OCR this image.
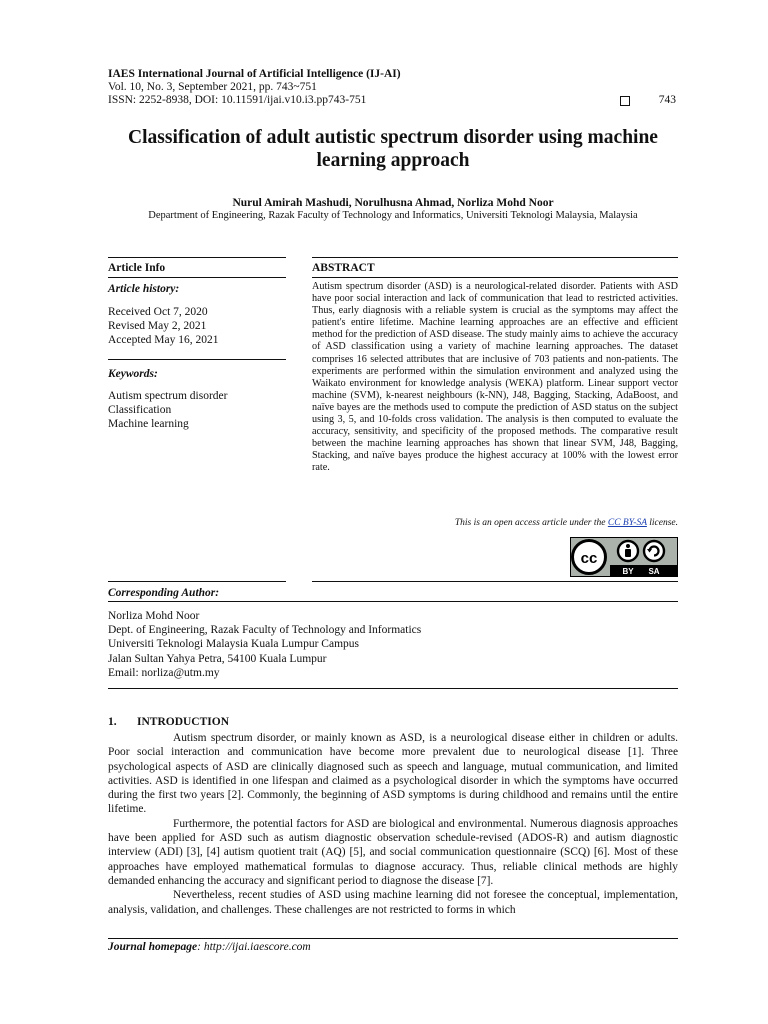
IAES International Journal of Artificial Intelligence (IJ-AI)
Vol. 10, No. 3, September 2021, pp. 743~751
ISSN: 2252-8938, DOI: 10.11591/ijai.v10.i3.pp743-751	743
Classification of adult autistic spectrum disorder using machine learning approach
Nurul Amirah Mashudi, Norulhusna Ahmad, Norliza Mohd Noor
Department of Engineering, Razak Faculty of Technology and Informatics, Universiti Teknologi Malaysia, Malaysia
Article Info
Article history:
Received Oct 7, 2020
Revised May 2, 2021
Accepted May 16, 2021
Keywords:
Autism spectrum disorder
Classification
Machine learning
ABSTRACT
Autism spectrum disorder (ASD) is a neurological-related disorder. Patients with ASD have poor social interaction and lack of communication that lead to restricted activities. Thus, early diagnosis with a reliable system is crucial as the symptoms may affect the patient's entire lifetime. Machine learning approaches are an effective and efficient method for the prediction of ASD disease. The study mainly aims to achieve the accuracy of ASD classification using a variety of machine learning approaches. The dataset comprises 16 selected attributes that are inclusive of 703 patients and non-patients. The experiments are performed within the simulation environment and analyzed using the Waikato environment for knowledge analysis (WEKA) platform. Linear support vector machine (SVM), k-nearest neighbours (k-NN), J48, Bagging, Stacking, AdaBoost, and naïve bayes are the methods used to compute the prediction of ASD status on the subject using 3, 5, and 10-folds cross validation. The analysis is then computed to evaluate the accuracy, sensitivity, and specificity of the proposed methods. The comparative result between the machine learning approaches has shown that linear SVM, J48, Bagging, Stacking, and naïve bayes produce the highest accuracy at 100% with the lowest error rate.
This is an open access article under the CC BY-SA license.
cc
BY SA
Corresponding Author:
Norliza Mohd Noor
Dept. of Engineering, Razak Faculty of Technology and Informatics
Universiti Teknologi Malaysia Kuala Lumpur Campus
Jalan Sultan Yahya Petra, 54100 Kuala Lumpur
Email: norliza@utm.my
1. INTRODUCTION

Autism spectrum disorder, or mainly known as ASD, is a neurological disease either in children or adults. Poor social interaction and communication have become more prevalent due to neurological disease [1]. Three psychological aspects of ASD are clinically diagnosed such as speech and language, mutual communication, and limited activities. ASD is identified in one lifespan and claimed as a psychological disorder in which the symptoms have occurred during the first two years [2]. Commonly, the beginning of ASD symptoms is during childhood and remains until the entire lifetime.

Furthermore, the potential factors for ASD are biological and environmental. Numerous diagnosis approaches have been applied for ASD such as autism diagnostic observation schedule-revised (ADOS-R) and autism diagnostic interview (ADI) [3], [4] autism quotient trait (AQ) [5], and social communication questionnaire (SCQ) [6]. Most of these approaches have employed mathematical formulas to diagnose accuracy. Thus, reliable clinical methods are highly demanded enhancing the accuracy and significant period to diagnose the disease [7].

Nevertheless, recent studies of ASD using machine learning did not foresee the conceptual, implementation, analysis, validation, and challenges. These challenges are not restricted to forms in which

Journal homepage: http://ijai.iaescore.com
